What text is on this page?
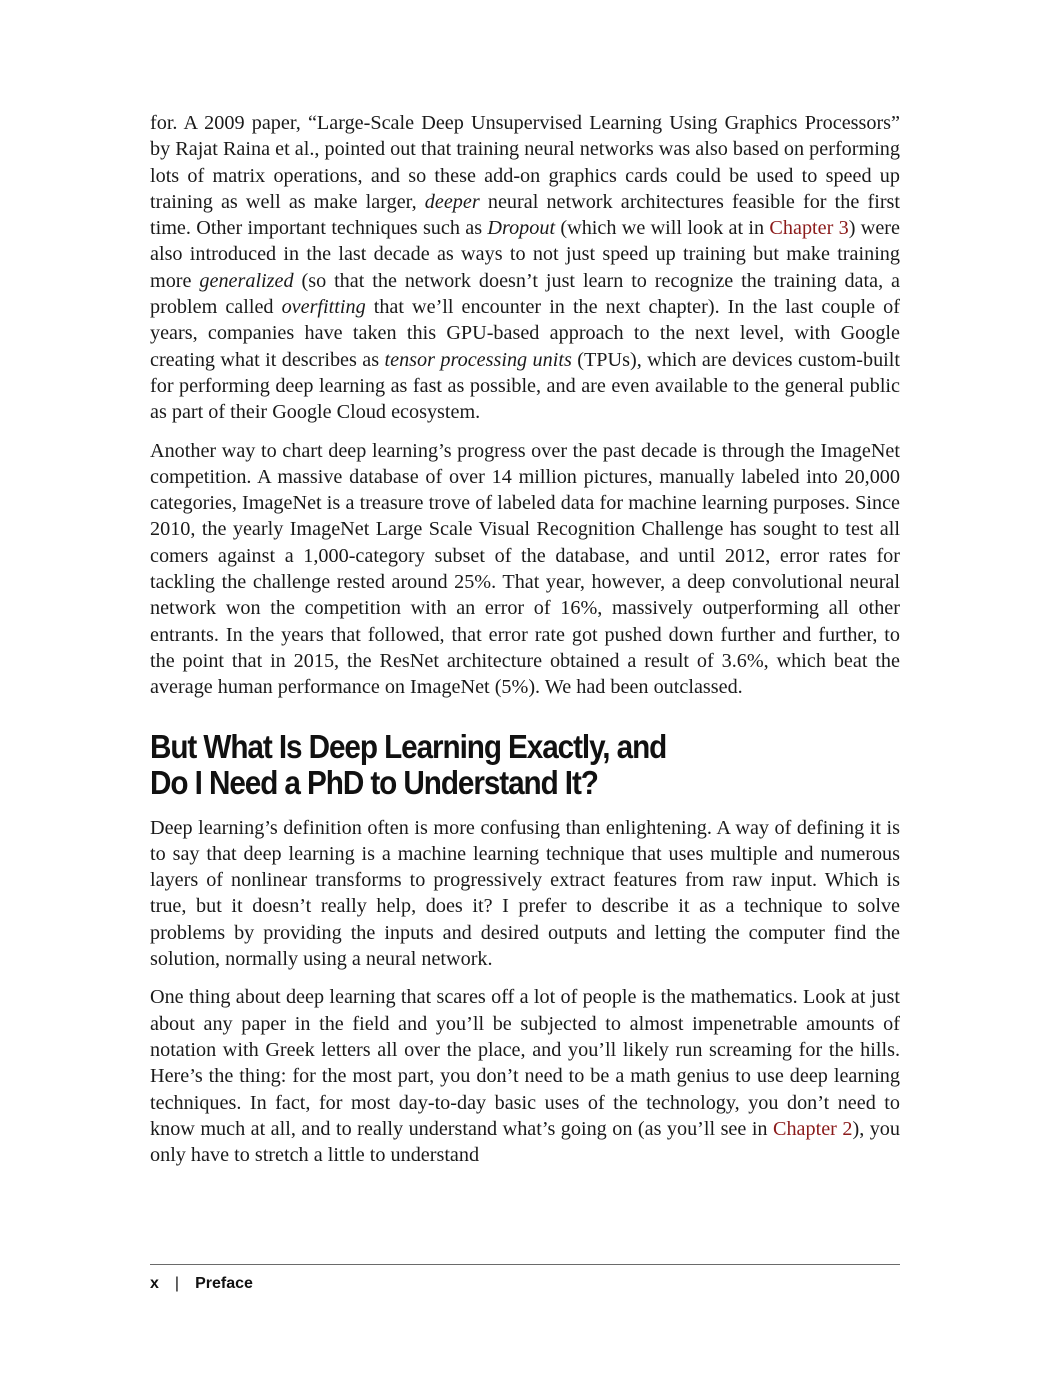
for. A 2009 paper, “Large-Scale Deep Unsupervised Learning Using Graphics Processors” by Rajat Raina et al., pointed out that training neural networks was also based on performing lots of matrix operations, and so these add-on graphics cards could be used to speed up training as well as make larger, deeper neural network architectures feasible for the first time. Other important techniques such as Dropout (which we will look at in Chapter 3) were also introduced in the last decade as ways to not just speed up training but make training more generalized (so that the network doesn’t just learn to recognize the training data, a problem called overfitting that we’ll encounter in the next chapter). In the last couple of years, companies have taken this GPU-based approach to the next level, with Google creating what it describes as tensor processing units (TPUs), which are devices custom-built for performing deep learning as fast as possible, and are even available to the general public as part of their Google Cloud ecosystem.

Another way to chart deep learning’s progress over the past decade is through the ImageNet competition. A massive database of over 14 million pictures, manually labeled into 20,000 categories, ImageNet is a treasure trove of labeled data for machine learning purposes. Since 2010, the yearly ImageNet Large Scale Visual Recognition Challenge has sought to test all comers against a 1,000-category subset of the database, and until 2012, error rates for tackling the challenge rested around 25%. That year, however, a deep convolutional neural network won the competition with an error of 16%, massively outperforming all other entrants. In the years that followed, that error rate got pushed down further and further, to the point that in 2015, the ResNet architecture obtained a result of 3.6%, which beat the average human performance on ImageNet (5%). We had been outclassed.

But What Is Deep Learning Exactly, and
Do I Need a PhD to Understand It?

Deep learning’s definition often is more confusing than enlightening. A way of defining it is to say that deep learning is a machine learning technique that uses multiple and numerous layers of nonlinear transforms to progressively extract features from raw input. Which is true, but it doesn’t really help, does it? I prefer to describe it as a technique to solve problems by providing the inputs and desired outputs and letting the computer find the solution, normally using a neural network.

One thing about deep learning that scares off a lot of people is the mathematics. Look at just about any paper in the field and you’ll be subjected to almost impenetrable amounts of notation with Greek letters all over the place, and you’ll likely run screaming for the hills. Here’s the thing: for the most part, you don’t need to be a math genius to use deep learning techniques. In fact, for most day-to-day basic uses of the technology, you don’t need to know much at all, and to really understand what’s going on (as you’ll see in Chapter 2), you only have to stretch a little to understand

x | Preface
